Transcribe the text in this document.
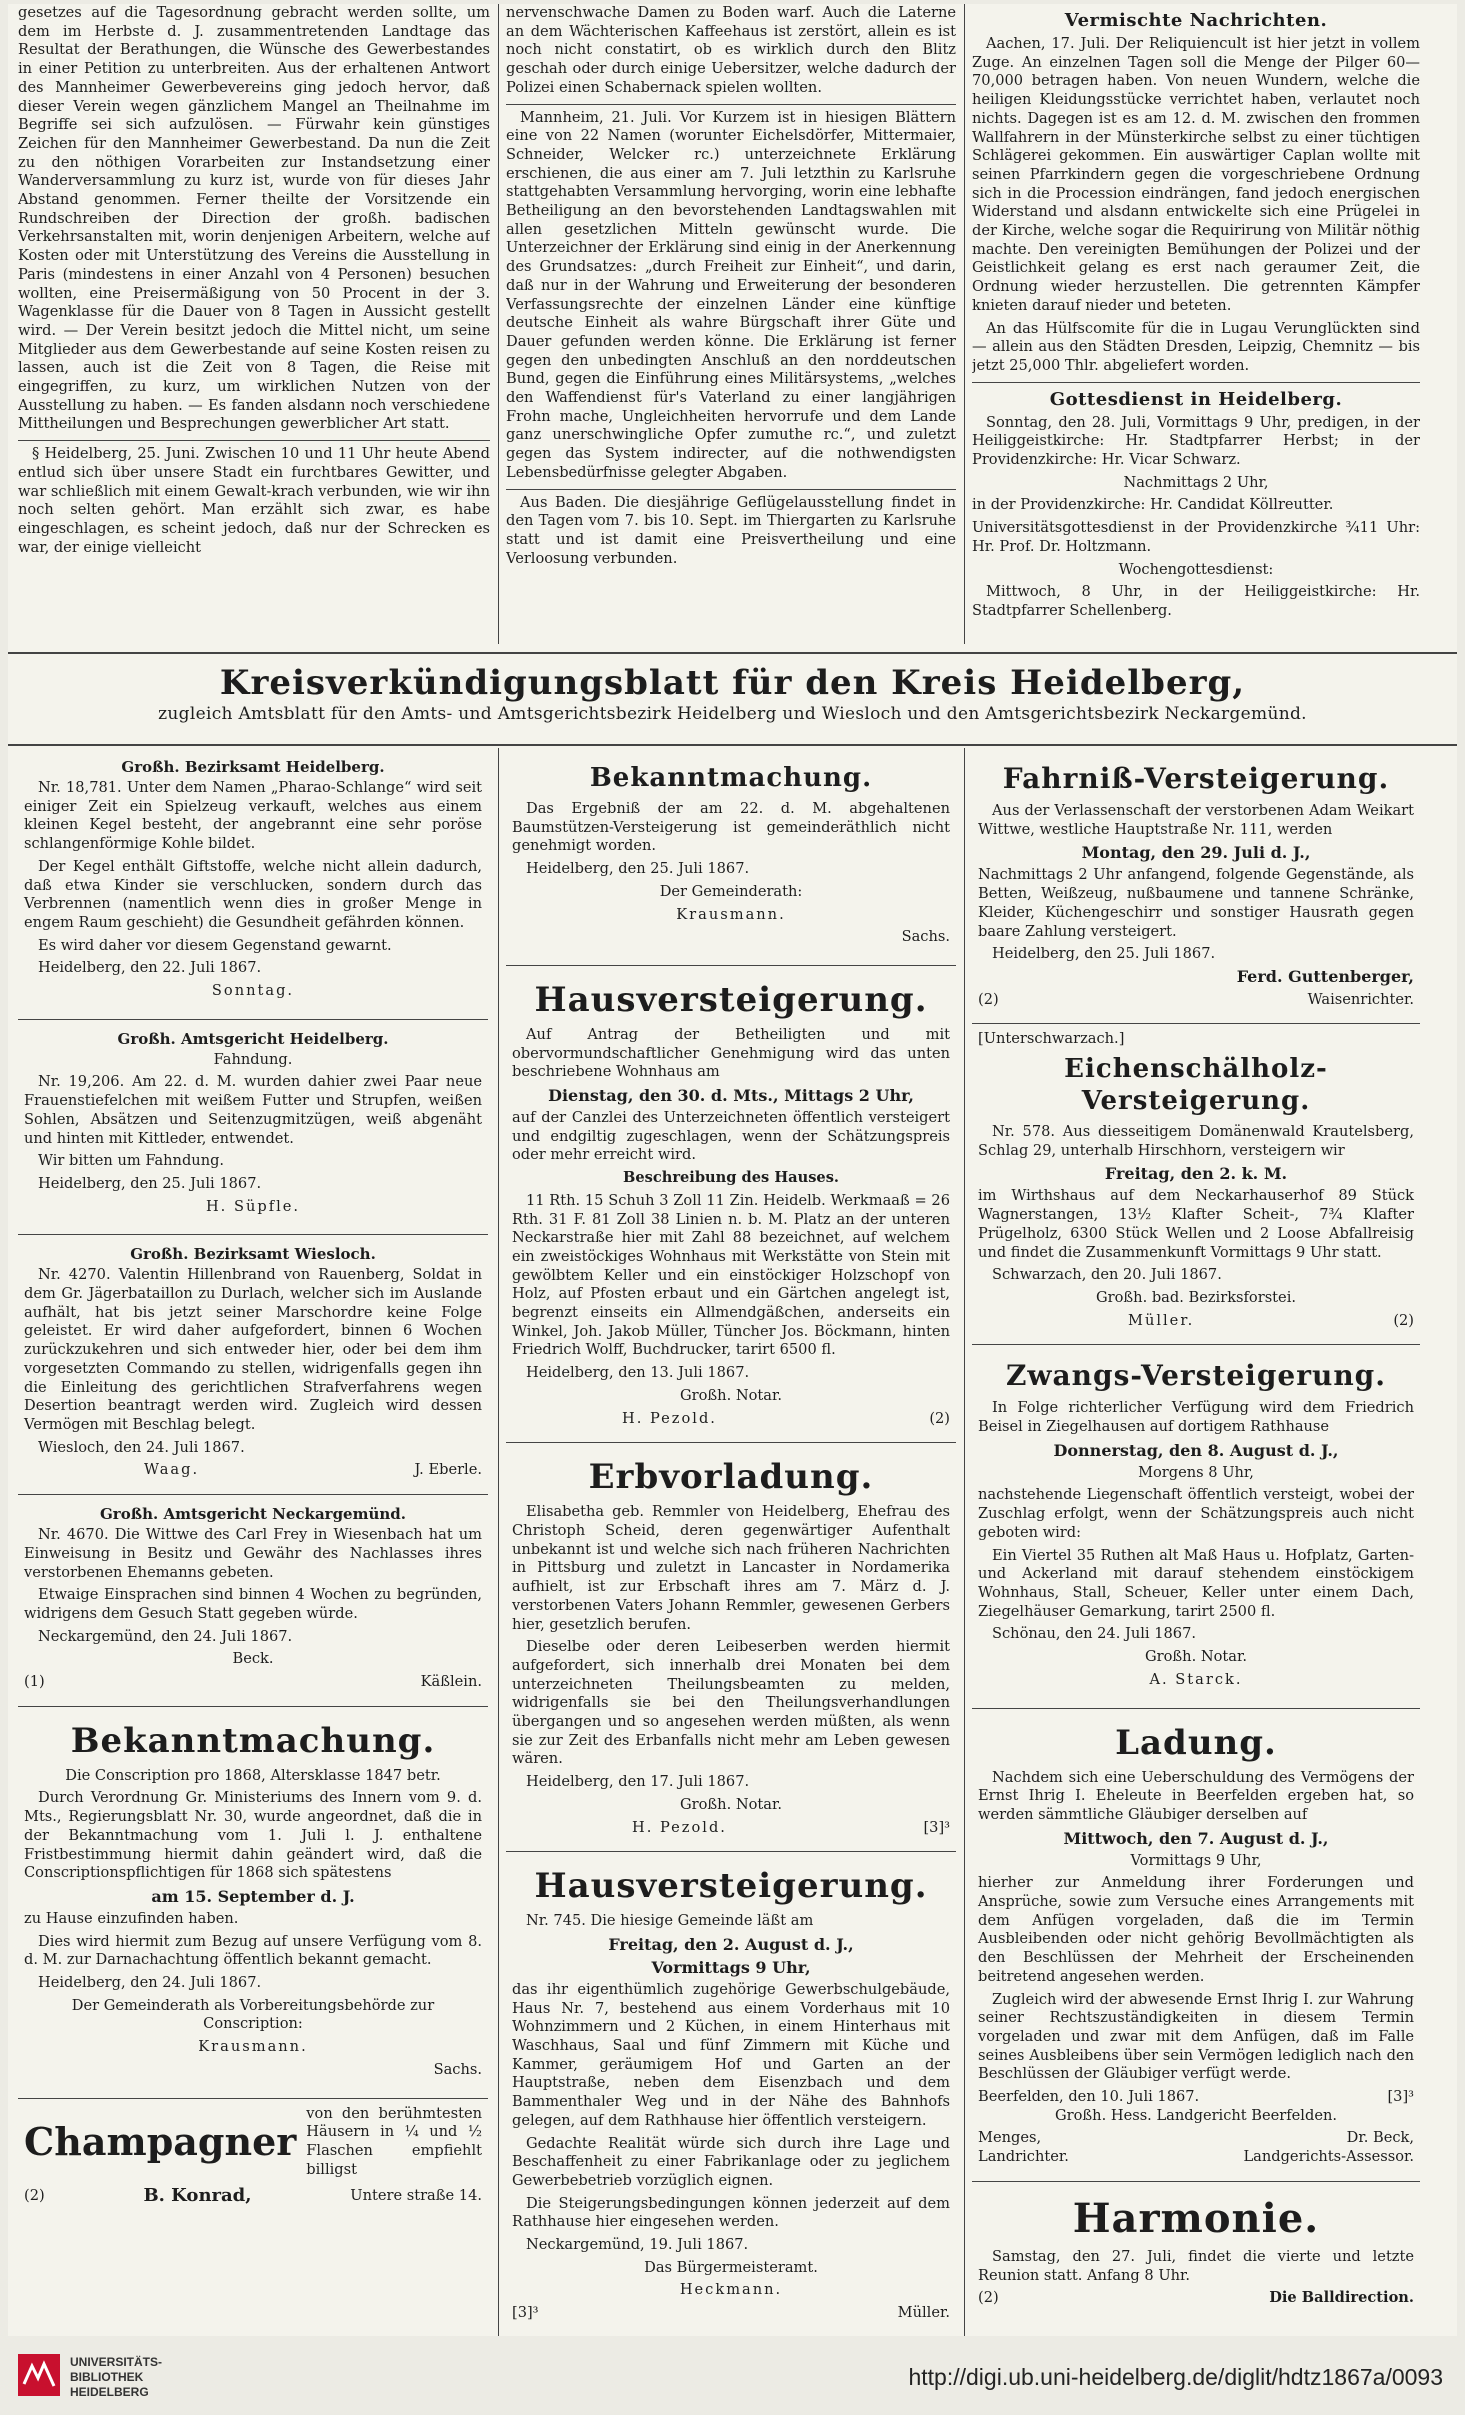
gesetzes auf die Tagesordnung gebracht werden sollte, um dem im Herbste d. J. zusammentretenden Landtage das Resultat der Berathungen, die Wünsche des Gewerbestandes in einer Petition zu unterbreiten. Aus der erhaltenen Antwort des Mannheimer Gewerbevereins ging jedoch hervor, daß dieser Verein wegen gänzlichem Mangel an Theilnahme im Begriffe sei sich aufzulösen. — Fürwahr kein günstiges Zeichen für den Mannheimer Gewerbestand. Da nun die Zeit zu den nöthigen Vorarbeiten zur Instandsetzung einer Wanderversammlung zu kurz ist, wurde von für dieses Jahr Abstand genommen. Ferner theilte der Vorsitzende ein Rundschreiben der Direction der großh. badischen Verkehrsanstalten mit, worin denjenigen Arbeitern, welche auf Kosten oder mit Unterstützung des Vereins die Ausstellung in Paris (mindestens in einer Anzahl von 4 Personen) besuchen wollten, eine Preisermäßigung von 50 Procent in der 3. Wagenklasse für die Dauer von 8 Tagen in Aussicht gestellt wird. — Der Verein besitzt jedoch die Mittel nicht, um seine Mitglieder aus dem Gewerbestande auf seine Kosten reisen zu lassen, auch ist die Zeit von 8 Tagen, die Reise mit eingegriffen, zu kurz, um wirklichen Nutzen von der Ausstellung zu haben. — Es fanden alsdann noch verschiedene Mittheilungen und Besprechungen gewerblicher Art statt.

§ Heidelberg, 25. Juni. Zwischen 10 und 11 Uhr heute Abend entlud sich über unsere Stadt ein furchtbares Gewitter, und war schließlich mit einem Gewalt-krach verbunden, wie wir ihn noch selten gehört. Man erzählt sich zwar, es habe eingeschlagen, es scheint jedoch, daß nur der Schrecken es war, der einige vielleicht

nervenschwache Damen zu Boden warf. Auch die Laterne an dem Wächterischen Kaffeehaus ist zerstört, allein es ist noch nicht constatirt, ob es wirklich durch den Blitz geschah oder durch einige Uebersitzer, welche dadurch der Polizei einen Schabernack spielen wollten.

Mannheim, 21. Juli. Vor Kurzem ist in hiesigen Blättern eine von 22 Namen (worunter Eichelsdörfer, Mittermaier, Schneider, Welcker rc.) unterzeichnete Erklärung erschienen, die aus einer am 7. Juli letzthin zu Karlsruhe stattgehabten Versammlung hervorging, worin eine lebhafte Betheiligung an den bevorstehenden Landtagswahlen mit allen gesetzlichen Mitteln gewünscht wurde. Die Unterzeichner der Erklärung sind einig in der Anerkennung des Grundsatzes: „durch Freiheit zur Einheit“, und darin, daß nur in der Wahrung und Erweiterung der besonderen Verfassungsrechte der einzelnen Länder eine künftige deutsche Einheit als wahre Bürgschaft ihrer Güte und Dauer gefunden werden könne. Die Erklärung ist ferner gegen den unbedingten Anschluß an den norddeutschen Bund, gegen die Einführung eines Militärsystems, „welches den Waffendienst für's Vaterland zu einer langjährigen Frohn mache, Ungleichheiten hervorrufe und dem Lande ganz unerschwingliche Opfer zumuthe rc.“, und zuletzt gegen das System indirecter, auf die nothwendigsten Lebensbedürfnisse gelegter Abgaben.

Aus Baden. Die diesjährige Geflügelausstellung findet in den Tagen vom 7. bis 10. Sept. im Thiergarten zu Karlsruhe statt und ist damit eine Preisvertheilung und eine Verloosung verbunden.

Vermischte Nachrichten.

Aachen, 17. Juli. Der Reliquiencult ist hier jetzt in vollem Zuge. An einzelnen Tagen soll die Menge der Pilger 60—70,000 betragen haben. Von neuen Wundern, welche die heiligen Kleidungsstücke verrichtet haben, verlautet noch nichts. Dagegen ist es am 12. d. M. zwischen den frommen Wallfahrern in der Münsterkirche selbst zu einer tüchtigen Schlägerei gekommen. Ein auswärtiger Caplan wollte mit seinen Pfarrkindern gegen die vorgeschriebene Ordnung sich in die Procession eindrängen, fand jedoch energischen Widerstand und alsdann entwickelte sich eine Prügelei in der Kirche, welche sogar die Requirirung von Militär nöthig machte. Den vereinigten Bemühungen der Polizei und der Geistlichkeit gelang es erst nach geraumer Zeit, die Ordnung wieder herzustellen. Die getrennten Kämpfer knieten darauf nieder und beteten.

An das Hülfscomite für die in Lugau Verunglückten sind — allein aus den Städten Dresden, Leipzig, Chemnitz — bis jetzt 25,000 Thlr. abgeliefert worden.

Gottesdienst in Heidelberg.

Sonntag, den 28. Juli, Vormittags 9 Uhr, predigen, in der Heiliggeistkirche: Hr. Stadtpfarrer Herbst; in der Providenzkirche: Hr. Vicar Schwarz.

Nachmittags 2 Uhr,

in der Providenzkirche: Hr. Candidat Köllreutter.

Universitätsgottesdienst in der Providenzkirche ¾11 Uhr: Hr. Prof. Dr. Holtzmann.

Wochengottesdienst:

Mittwoch, 8 Uhr, in der Heiliggeistkirche: Hr. Stadtpfarrer Schellenberg.

Kreisverkündigungsblatt für den Kreis Heidelberg,
zugleich Amtsblatt für den Amts- und Amtsgerichtsbezirk Heidelberg und Wiesloch und den Amtsgerichtsbezirk Neckargemünd.
Großh. Bezirksamt Heidelberg.

Nr. 18,781. Unter dem Namen „Pharao-Schlange“ wird seit einiger Zeit ein Spielzeug verkauft, welches aus einem kleinen Kegel besteht, der angebrannt eine sehr poröse schlangenförmige Kohle bildet.

Der Kegel enthält Giftstoffe, welche nicht allein dadurch, daß etwa Kinder sie verschlucken, sondern durch das Verbrennen (namentlich wenn dies in großer Menge in engem Raum geschieht) die Gesundheit gefährden können.

Es wird daher vor diesem Gegenstand gewarnt.

Heidelberg, den 22. Juli 1867.

Sonntag.

Großh. Amtsgericht Heidelberg.

Fahndung.

Nr. 19,206. Am 22. d. M. wurden dahier zwei Paar neue Frauenstiefelchen mit weißem Futter und Strupfen, weißen Sohlen, Absätzen und Seitenzugmitzügen, weiß abgenäht und hinten mit Kittleder, entwendet.

Wir bitten um Fahndung.

Heidelberg, den 25. Juli 1867.

H. Süpfle.

Großh. Bezirksamt Wiesloch.

Nr. 4270. Valentin Hillenbrand von Rauenberg, Soldat in dem Gr. Jägerbataillon zu Durlach, welcher sich im Auslande aufhält, hat bis jetzt seiner Marschordre keine Folge geleistet. Er wird daher aufgefordert, binnen 6 Wochen zurückzukehren und sich entweder hier, oder bei dem ihm vorgesetzten Commando zu stellen, widrigenfalls gegen ihn die Einleitung des gerichtlichen Strafverfahrens wegen Desertion beantragt werden wird. Zugleich wird dessen Vermögen mit Beschlag belegt.

Wiesloch, den 24. Juli 1867.

Waag.	J. Eberle.
Großh. Amtsgericht Neckargemünd.

Nr. 4670. Die Wittwe des Carl Frey in Wiesenbach hat um Einweisung in Besitz und Gewähr des Nachlasses ihres verstorbenen Ehemanns gebeten.

Etwaige Einsprachen sind binnen 4 Wochen zu begründen, widrigens dem Gesuch Statt gegeben würde.

Neckargemünd, den 24. Juli 1867.

Beck.

(1)	Käßlein.
Bekanntmachung.

Die Conscription pro 1868, Altersklasse 1847 betr.

Durch Verordnung Gr. Ministeriums des Innern vom 9. d. Mts., Regierungsblatt Nr. 30, wurde angeordnet, daß die in der Bekanntmachung vom 1. Juli l. J. enthaltene Fristbestimmung hiermit dahin geändert wird, daß die Conscriptionspflichtigen für 1868 sich spätestens

am 15. September d. J.

zu Hause einzufinden haben.

Dies wird hiermit zum Bezug auf unsere Verfügung vom 8. d. M. zur Darnachachtung öffentlich bekannt gemacht.

Heidelberg, den 24. Juli 1867.

Der Gemeinderath als Vorbereitungsbehörde zur Conscription:

Krausmann.

Sachs.

Champagner
von den berühmtesten Häusern in ¼ und ½ Flaschen empfiehlt billigst
(2)	B. Konrad,	Untere straße 14.
Bekanntmachung.

Das Ergebniß der am 22. d. M. abgehaltenen Baumstützen-Versteigerung ist gemeinderäthlich nicht genehmigt worden.

Heidelberg, den 25. Juli 1867.

Der Gemeinderath:

Krausmann.

Sachs.

Hausversteigerung.

Auf Antrag der Betheiligten und mit obervormundschaftlicher Genehmigung wird das unten beschriebene Wohnhaus am

Dienstag, den 30. d. Mts., Mittags 2 Uhr,

auf der Canzlei des Unterzeichneten öffentlich versteigert und endgiltig zugeschlagen, wenn der Schätzungspreis oder mehr erreicht wird.

Beschreibung des Hauses.

11 Rth. 15 Schuh 3 Zoll 11 Zin. Heidelb. Werkmaaß = 26 Rth. 31 F. 81 Zoll 38 Linien n. b. M. Platz an der unteren Neckarstraße hier mit Zahl 88 bezeichnet, auf welchem ein zweistöckiges Wohnhaus mit Werkstätte von Stein mit gewölbtem Keller und ein einstöckiger Holzschopf von Holz, auf Pfosten erbaut und ein Gärtchen angelegt ist, begrenzt einseits ein Allmendgäßchen, anderseits ein Winkel, Joh. Jakob Müller, Tüncher Jos. Böckmann, hinten Friedrich Wolff, Buchdrucker, tarirt 6500 fl.

Heidelberg, den 13. Juli 1867.

Großh. Notar.

H. Pezold.	(2)
Erbvorladung.

Elisabetha geb. Remmler von Heidelberg, Ehefrau des Christoph Scheid, deren gegenwärtiger Aufenthalt unbekannt ist und welche sich nach früheren Nachrichten in Pittsburg und zuletzt in Lancaster in Nordamerika aufhielt, ist zur Erbschaft ihres am 7. März d. J. verstorbenen Vaters Johann Remmler, gewesenen Gerbers hier, gesetzlich berufen.

Dieselbe oder deren Leibeserben werden hiermit aufgefordert, sich innerhalb drei Monaten bei dem unterzeichneten Theilungsbeamten zu melden, widrigenfalls sie bei den Theilungsverhandlungen übergangen und so angesehen werden müßten, als wenn sie zur Zeit des Erbanfalls nicht mehr am Leben gewesen wären.

Heidelberg, den 17. Juli 1867.

Großh. Notar.

H. Pezold.	[3]³
Hausversteigerung.

Nr. 745. Die hiesige Gemeinde läßt am

Freitag, den 2. August d. J.,

Vormittags 9 Uhr,

das ihr eigenthümlich zugehörige Gewerbschulgebäude, Haus Nr. 7, bestehend aus einem Vorderhaus mit 10 Wohnzimmern und 2 Küchen, in einem Hinterhaus mit Waschhaus, Saal und fünf Zimmern mit Küche und Kammer, geräumigem Hof und Garten an der Hauptstraße, neben dem Eisenzbach und dem Bammenthaler Weg und in der Nähe des Bahnhofs gelegen, auf dem Rathhause hier öffentlich versteigern.

Gedachte Realität würde sich durch ihre Lage und Beschaffenheit zu einer Fabrikanlage oder zu jeglichem Gewerbebetrieb vorzüglich eignen.

Die Steigerungsbedingungen können jederzeit auf dem Rathhause hier eingesehen werden.

Neckargemünd, 19. Juli 1867.

Das Bürgermeisteramt.

Heckmann.

[3]³	Müller.
Fahrniß-Versteigerung.

Aus der Verlassenschaft der verstorbenen Adam Weikart Wittwe, westliche Hauptstraße Nr. 111, werden

Montag, den 29. Juli d. J.,

Nachmittags 2 Uhr anfangend, folgende Gegenstände, als Betten, Weißzeug, nußbaumene und tannene Schränke, Kleider, Küchengeschirr und sonstiger Hausrath gegen baare Zahlung versteigert.

Heidelberg, den 25. Juli 1867.

Ferd. Guttenberger,

(2)	Waisenrichter.

[Unterschwarzach.]

Eichenschälholz-Versteigerung.

Nr. 578. Aus diesseitigem Domänenwald Krautelsberg, Schlag 29, unterhalb Hirschhorn, versteigern wir

Freitag, den 2. k. M.

im Wirthshaus auf dem Neckarhauserhof 89 Stück Wagnerstangen, 13½ Klafter Scheit-, 7¾ Klafter Prügelholz, 6300 Stück Wellen und 2 Loose Abfallreisig und findet die Zusammenkunft Vormittags 9 Uhr statt.

Schwarzach, den 20. Juli 1867.

Großh. bad. Bezirksforstei.

Müller.	(2)
Zwangs-Versteigerung.

In Folge richterlicher Verfügung wird dem Friedrich Beisel in Ziegelhausen auf dortigem Rathhause

Donnerstag, den 8. August d. J.,

Morgens 8 Uhr,

nachstehende Liegenschaft öffentlich versteigt, wobei der Zuschlag erfolgt, wenn der Schätzungspreis auch nicht geboten wird:

Ein Viertel 35 Ruthen alt Maß Haus u. Hofplatz, Garten- und Ackerland mit darauf stehendem einstöckigem Wohnhaus, Stall, Scheuer, Keller unter einem Dach, Ziegelhäuser Gemarkung, tarirt 2500 fl.

Schönau, den 24. Juli 1867.

Großh. Notar.

A. Starck.

Ladung.

Nachdem sich eine Ueberschuldung des Vermögens der Ernst Ihrig I. Eheleute in Beerfelden ergeben hat, so werden sämmtliche Gläubiger derselben auf

Mittwoch, den 7. August d. J.,

Vormittags 9 Uhr,

hierher zur Anmeldung ihrer Forderungen und Ansprüche, sowie zum Versuche eines Arrangements mit dem Anfügen vorgeladen, daß die im Termin Ausbleibenden oder nicht gehörig Bevollmächtigten als den Beschlüssen der Mehrheit der Erscheinenden beitretend angesehen werden.

Zugleich wird der abwesende Ernst Ihrig I. zur Wahrung seiner Rechtszuständigkeiten in diesem Termin vorgeladen und zwar mit dem Anfügen, daß im Falle seines Ausbleibens über sein Vermögen lediglich nach den Beschlüssen der Gläubiger verfügt werde.

Beerfelden, den 10. Juli 1867.	[3]³

Großh. Hess. Landgericht Beerfelden.

Menges,	Dr. Beck,
Landrichter.	Landgerichts-Assessor.
Harmonie.

Samstag, den 27. Juli, findet die vierte und letzte Reunion statt. Anfang 8 Uhr.

(2)	Die Balldirection.
UNIVERSITÄTS-
BIBLIOTHEK
HEIDELBERG
http://digi.ub.uni-heidelberg.de/diglit/hdtz1867a/0093
